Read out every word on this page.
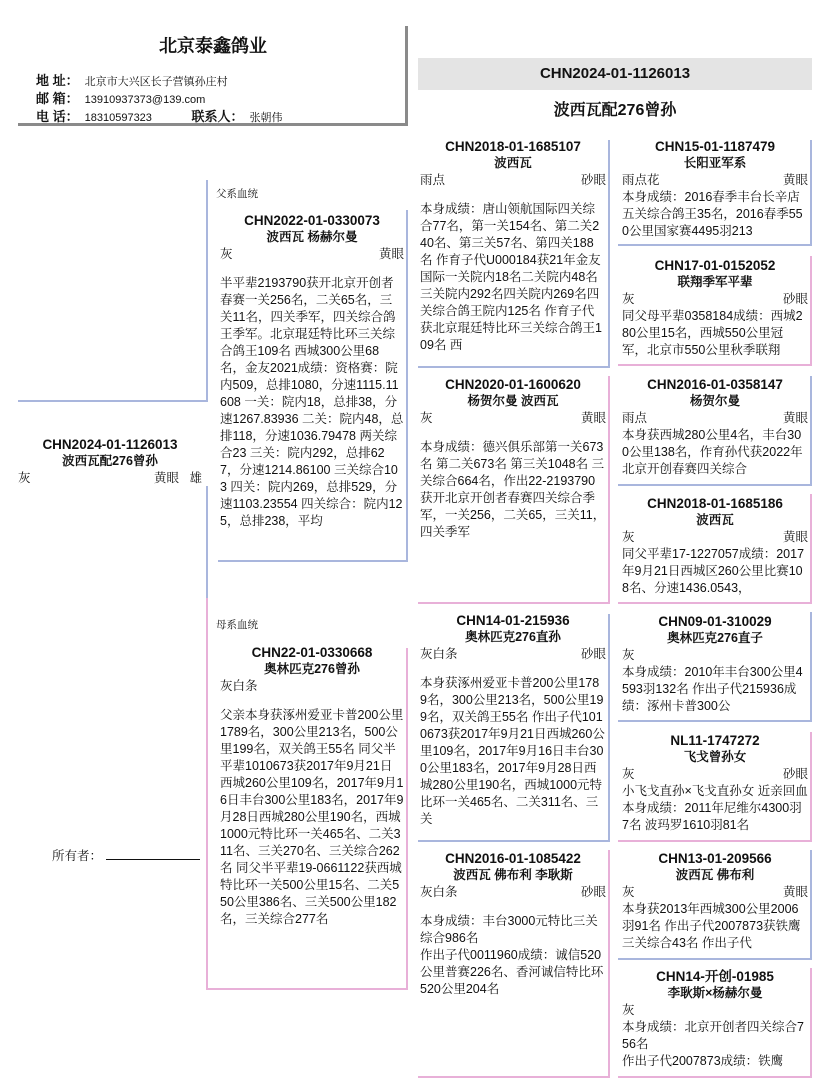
北京泰鑫鸽业
地 址： 北京市大兴区长子营镇孙庄村
邮 箱： 13910937373@139.com
电 话： 18310597323	联系人： 张朝伟
CHN2024-01-1126013
波西瓦配276曾孙
CHN2024-01-1126013
波西瓦配276曾孙
灰	黄眼 雄
父系血统
母系血统
所有者：
CHN2022-01-0330073
波西瓦 杨赫尔曼
灰	黄眼
半平辈2193790获开北京开创者春赛一关256名，二关65名，三关11名，四关季军，四关综合鸽王季军。北京琨廷特比环三关综合鸽王109名 西城300公里68名，金友2021成绩：资格赛：院内509，总排1080，分速1115.11608 一关：院内18，总排38，分速1267.83936 二关：院内48，总排118，分速1036.79478 两关综合23 三关：院内292，总排627，分速1214.86100 三关综合103 四关：院内269，总排529，分速1103.23554 四关综合：院内125，总排238，平均
CHN22-01-0330668
奥林匹克276曾孙
灰白条
父亲本身获涿州爱亚卡普200公里1789名，300公里213名，500公里199名，双关鸽王55名 同父半平辈1010673获2017年9月21日西城260公里109名，2017年9月16日丰台300公里183名，2017年9月28日西城280公里190名，西城1000元特比环一关465名、二关311名、三关270名、三关综合262名 同父半平辈19-0661122获西城特比环一关500公里15名、二关550公里386名、三关500公里182名，三关综合277名
CHN2018-01-1685107
波西瓦
雨点	砂眼
本身成绩：唐山领航国际四关综合77名，第一关154名、第二关240名、第三关57名、第四关188名 作育子代U000184获21年金友国际一关院内18名二关院内48名三关院内292名四关院内269名四关综合鸽王院内125名 作育子代获北京琨廷特比环三关综合鸽王109名 西
CHN2020-01-1600620
杨贺尔曼 波西瓦
灰	黄眼
本身成绩：德兴俱乐部第一关673名 第二关673名 第三关1048名 三关综合664名，作出22-2193790获开北京开创者春赛四关综合季军，一关256，二关65，三关11，四关季军
CHN14-01-215936
奥林匹克276直孙
灰白条	砂眼
本身获涿州爱亚卡普200公里1789名，300公里213名，500公里199名，双关鸽王55名 作出子代1010673获2017年9月21日西城260公里109名，2017年9月16日丰台300公里183名，2017年9月28日西城280公里190名，西城1000元特比环一关465名、二关311名、三关
CHN2016-01-1085422
波西瓦 佛布利 李耿斯
灰白条	砂眼
本身成绩：丰台3000元特比三关综合986名
作出子代0011960成绩：诚信520公里普赛226名、香河诚信特比环520公里204名
CHN15-01-1187479
长阳亚军系
雨点花	黄眼
本身成绩：2016春季丰台长辛店五关综合鸽王35名，2016春季550公里国家赛4495羽213
CHN17-01-0152052
联翔季军平辈
灰	砂眼
同父母平辈0358184成绩：西城280公里15名，西城550公里冠军，北京市550公里秋季联翔
CHN2016-01-0358147
杨贺尔曼
雨点	黄眼
本身获西城280公里4名，丰台300公里138名，作育孙代获2022年北京开创春赛四关综合
CHN2018-01-1685186
波西瓦
灰	黄眼
同父平辈17-1227057成绩：2017年9月21日西城区260公里比赛108名、分速1436.0543，
CHN09-01-310029
奥林匹克276直子
灰
本身成绩：2010年丰台300公里4593羽132名 作出子代215936成绩：涿州卡普300公
NL11-1747272
飞戈曾孙女
灰	砂眼
小飞戈直孙×飞戈直孙女 近亲回血 本身成绩：2011年尼维尔4300羽7名 波玛罗1610羽81名
CHN13-01-209566
波西瓦 佛布利
灰	黄眼
本身获2013年西城300公里2006羽91名 作出子代2007873获铁鹰三关综合43名 作出子代
CHN14-开创-01985
李耿斯×杨赫尔曼
灰
本身成绩：北京开创者四关综合756名
作出子代2007873成绩：铁鹰
